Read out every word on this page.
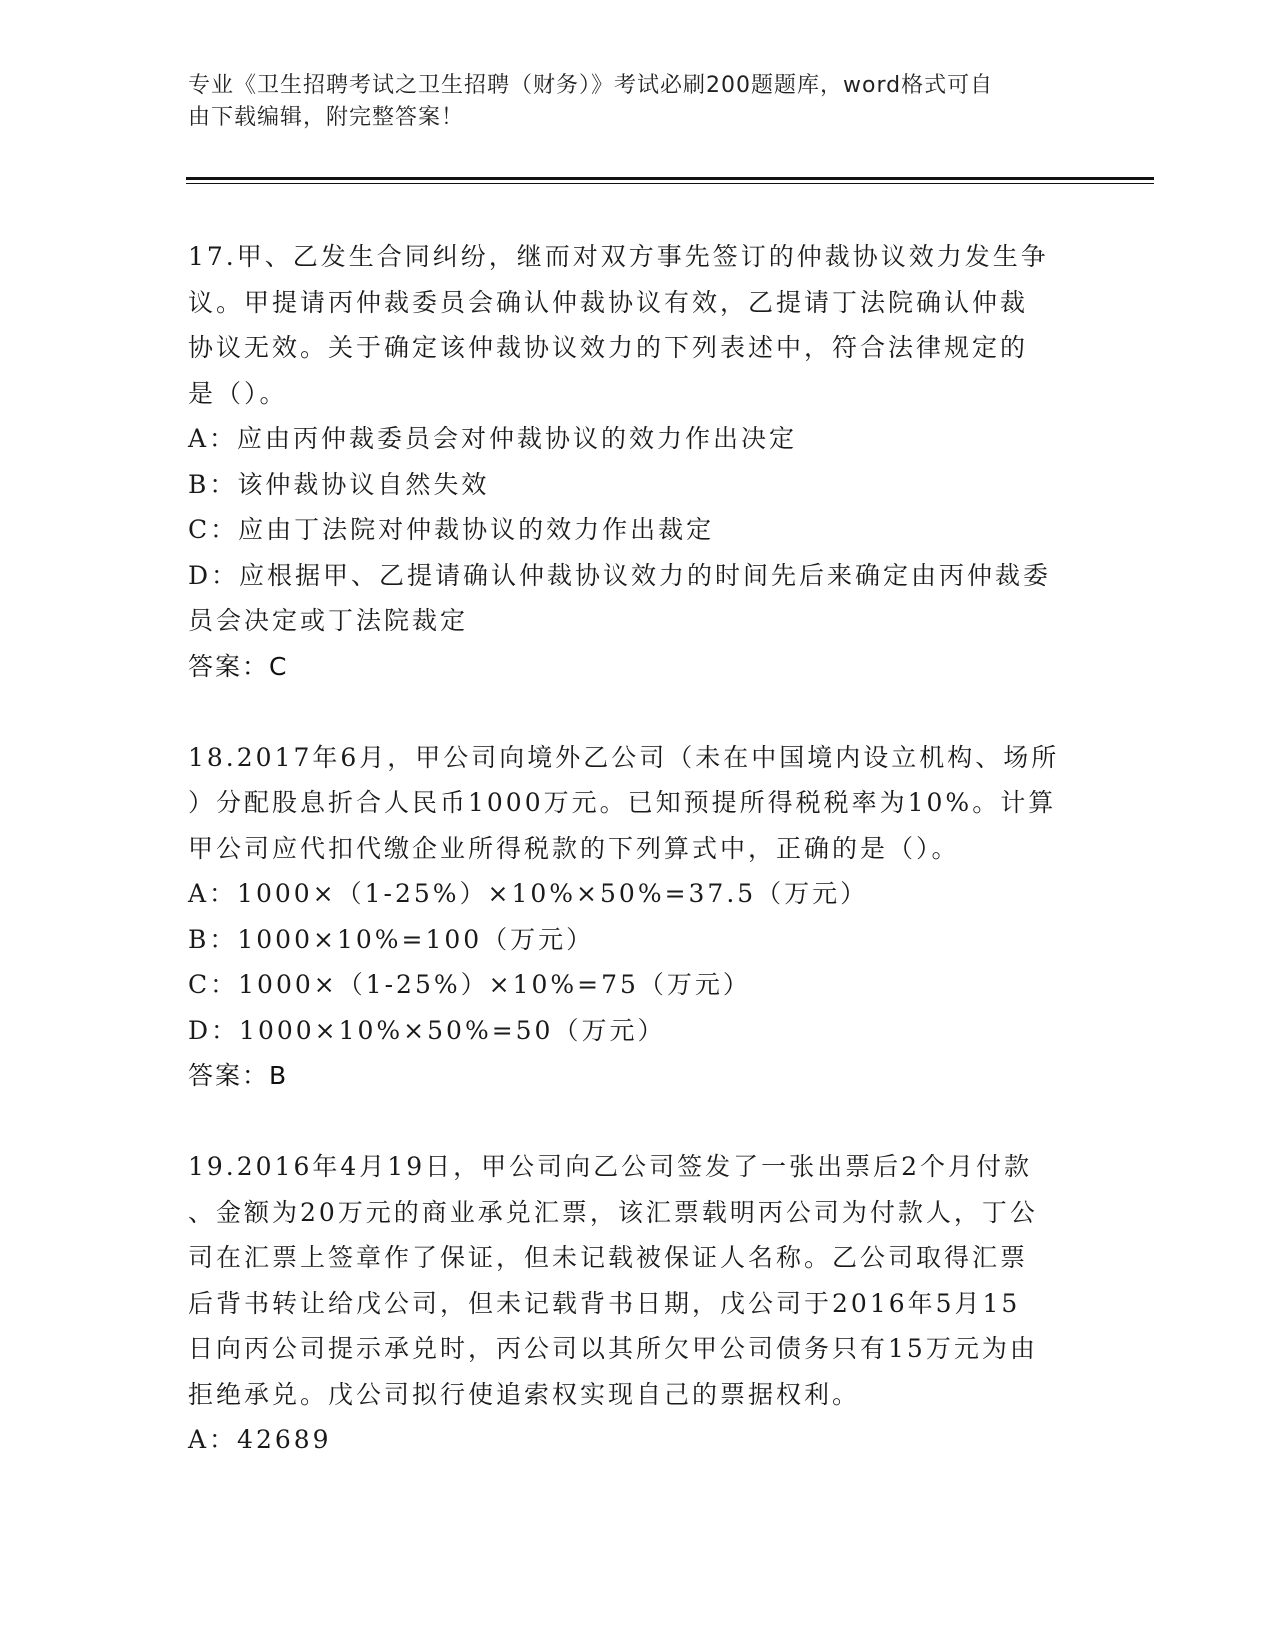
专业《卫生招聘考试之卫生招聘（财务）》考试必刷200题题库，word格式可自
由下载编辑，附完整答案！
17.甲、乙发生合同纠纷，继而对双方事先签订的仲裁协议效力发生争
议。甲提请丙仲裁委员会确认仲裁协议有效，乙提请丁法院确认仲裁
协议无效。关于确定该仲裁协议效力的下列表述中，符合法律规定的
是（）。
A：应由丙仲裁委员会对仲裁协议的效力作出决定
B：该仲裁协议自然失效
C：应由丁法院对仲裁协议的效力作出裁定
D：应根据甲、乙提请确认仲裁协议效力的时间先后来确定由丙仲裁委
员会决定或丁法院裁定
答案：C
18.2017年6月，甲公司向境外乙公司（未在中国境内设立机构、场所
）分配股息折合人民币1000万元。已知预提所得税税率为10%。计算
甲公司应代扣代缴企业所得税款的下列算式中，正确的是（）。
A：1000×（1-25%）×10%×50%=37.5（万元）
B：1000×10%=100（万元）
C：1000×（1-25%）×10%=75（万元）
D：1000×10%×50%=50（万元）
答案：B
19.2016年4月19日，甲公司向乙公司签发了一张出票后2个月付款
、金额为20万元的商业承兑汇票，该汇票载明丙公司为付款人，丁公
司在汇票上签章作了保证，但未记载被保证人名称。乙公司取得汇票
后背书转让给戊公司，但未记载背书日期，戊公司于2016年5月15
日向丙公司提示承兑时，丙公司以其所欠甲公司债务只有15万元为由
拒绝承兑。戊公司拟行使追索权实现自己的票据权利。
A：42689
